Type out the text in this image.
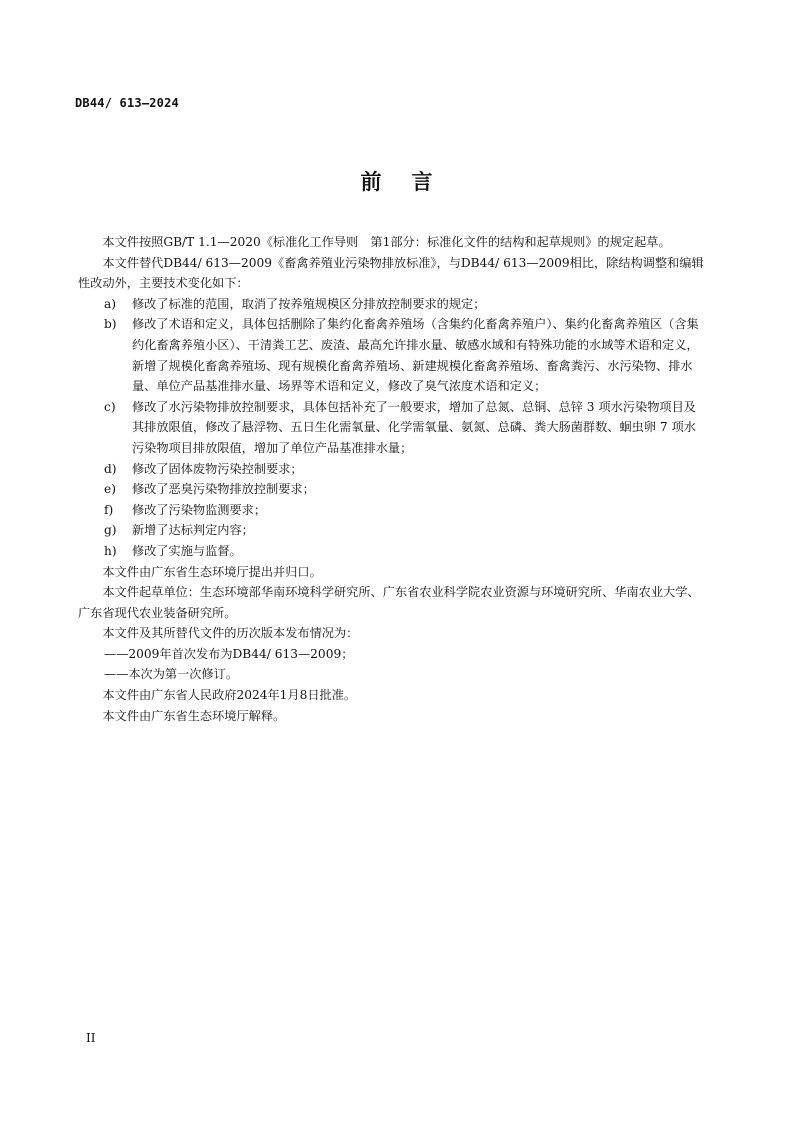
DB44/ 613—2024
前言
本文件按照GB/T 1.1—2020《标准化工作导则　第1部分：标准化文件的结构和起草规则》的规定起草。
本文件替代DB44/ 613—2009《畜禽养殖业污染物排放标准》，与DB44/ 613—2009相比，除结构调整和编辑性改动外，主要技术变化如下：
a)	修改了标准的范围，取消了按养殖规模区分排放控制要求的规定；
b)	修改了术语和定义，具体包括删除了集约化畜禽养殖场（含集约化畜禽养殖户）、集约化畜禽养殖区（含集约化畜禽养殖小区）、干清粪工艺、废渣、最高允许排水量、敏感水域和有特殊功能的水域等术语和定义，新增了规模化畜禽养殖场、现有规模化畜禽养殖场、新建规模化畜禽养殖场、畜禽粪污、水污染物、排水量、单位产品基准排水量、场界等术语和定义，修改了臭气浓度术语和定义；
c)	修改了水污染物排放控制要求，具体包括补充了一般要求，增加了总氮、总铜、总锌 3 项水污染物项目及其排放限值，修改了悬浮物、五日生化需氧量、化学需氧量、氨氮、总磷、粪大肠菌群数、蛔虫卵 7 项水污染物项目排放限值，增加了单位产品基准排水量；
d)	修改了固体废物污染控制要求；
e)	修改了恶臭污染物排放控制要求；
f)	修改了污染物监测要求；
g)	新增了达标判定内容；
h)	修改了实施与监督。
本文件由广东省生态环境厅提出并归口。
本文件起草单位：生态环境部华南环境科学研究所、广东省农业科学院农业资源与环境研究所、华南农业大学、广东省现代农业装备研究所。
本文件及其所替代文件的历次版本发布情况为：
——2009年首次发布为DB44/ 613—2009；
——本次为第一次修订。
本文件由广东省人民政府2024年1月8日批准。
本文件由广东省生态环境厅解释。
II
